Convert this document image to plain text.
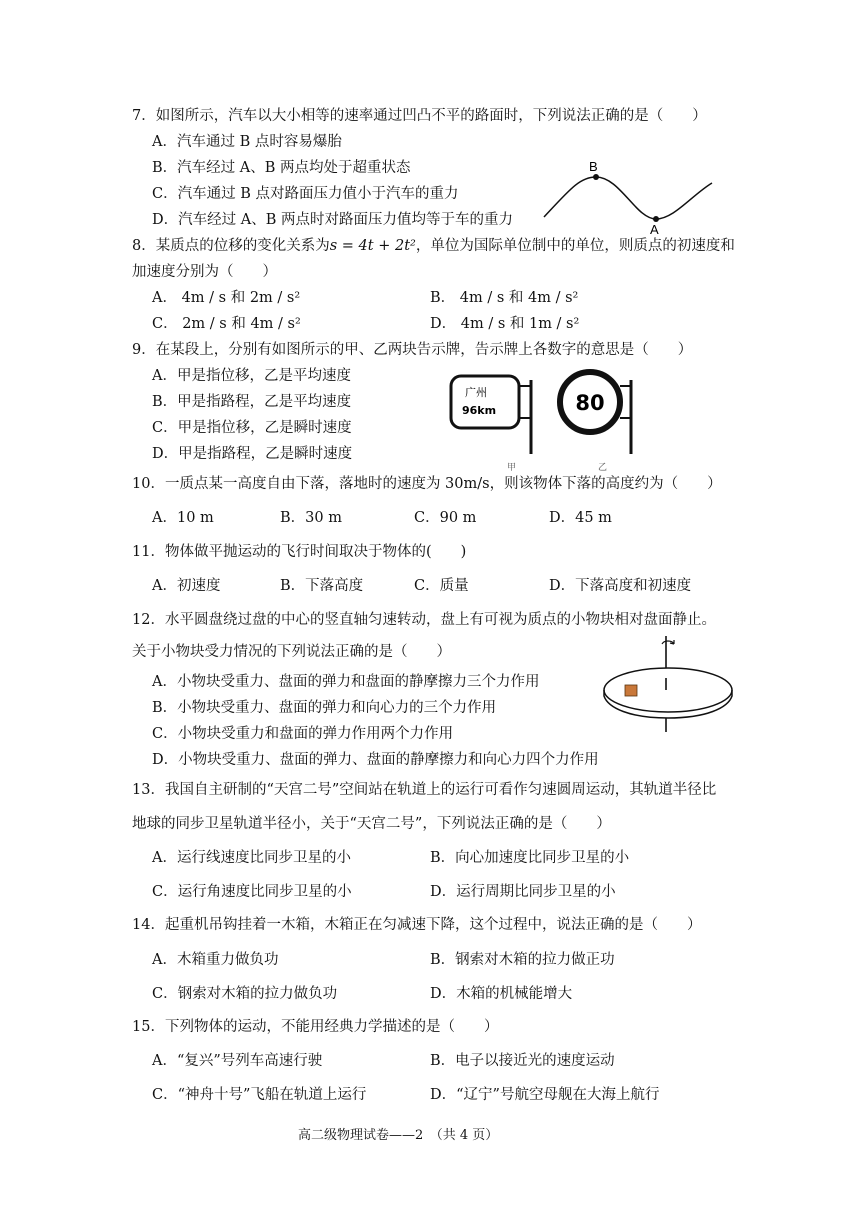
7．如图所示，汽车以大小相等的速率通过凹凸不平的路面时，下列说法正确的是（　　）
A．汽车通过 B 点时容易爆胎
B．汽车经过 A、B 两点均处于超重状态
C．汽车通过 B 点对路面压力值小于汽车的重力
D．汽车经过 A、B 两点时对路面压力值均等于车的重力
B
A
8．某质点的位移的变化关系为s = 4t + 2t²，单位为国际单位制中的单位，则质点的初速度和
加速度分别为（　　）
A． 4m / s 和 2m / s²	B． 4m / s 和 4m / s²
C． 2m / s 和 4m / s²	D． 4m / s 和 1m / s²
9．在某段上，分别有如图所示的甲、乙两块告示牌，告示牌上各数字的意思是（　　）
A．甲是指位移，乙是平均速度
B．甲是指路程，乙是平均速度
C．甲是指位移，乙是瞬时速度
D．甲是指路程，乙是瞬时速度
广州
96km
甲
80
乙
10．一质点某一高度自由下落，落地时的速度为 30m/s，则该物体下落的高度约为（　　）
A．10 m	B．30 m	C．90 m	D．45 m
11．物体做平抛运动的飞行时间取决于物体的(　　)
A．初速度	B．下落高度	C．质量	D．下落高度和初速度
12．水平圆盘绕过盘的中心的竖直轴匀速转动，盘上有可视为质点的小物块相对盘面静止。
关于小物块受力情况的下列说法正确的是（　　）
A．小物块受重力、盘面的弹力和盘面的静摩擦力三个力作用
B．小物块受重力、盘面的弹力和向心力的三个力作用
C．小物块受重力和盘面的弹力作用两个力作用
D．小物块受重力、盘面的弹力、盘面的静摩擦力和向心力四个力作用
13．我国自主研制的“天宫二号”空间站在轨道上的运行可看作匀速圆周运动，其轨道半径比
地球的同步卫星轨道半径小，关于“天宫二号”，下列说法正确的是（　　）
A．运行线速度比同步卫星的小	B．向心加速度比同步卫星的小
C．运行角速度比同步卫星的小	D．运行周期比同步卫星的小
14．起重机吊钩挂着一木箱，木箱正在匀减速下降，这个过程中，说法正确的是（　　）
A．木箱重力做负功	B．钢索对木箱的拉力做正功
C．钢索对木箱的拉力做负功	D．木箱的机械能增大
15．下列物体的运动，不能用经典力学描述的是（　　）
A．“复兴”号列车高速行驶	B．电子以接近光的速度运动
C．“神舟十号”飞船在轨道上运行	D．“辽宁”号航空母舰在大海上航行
高二级物理试卷——2　（共 4 页）
